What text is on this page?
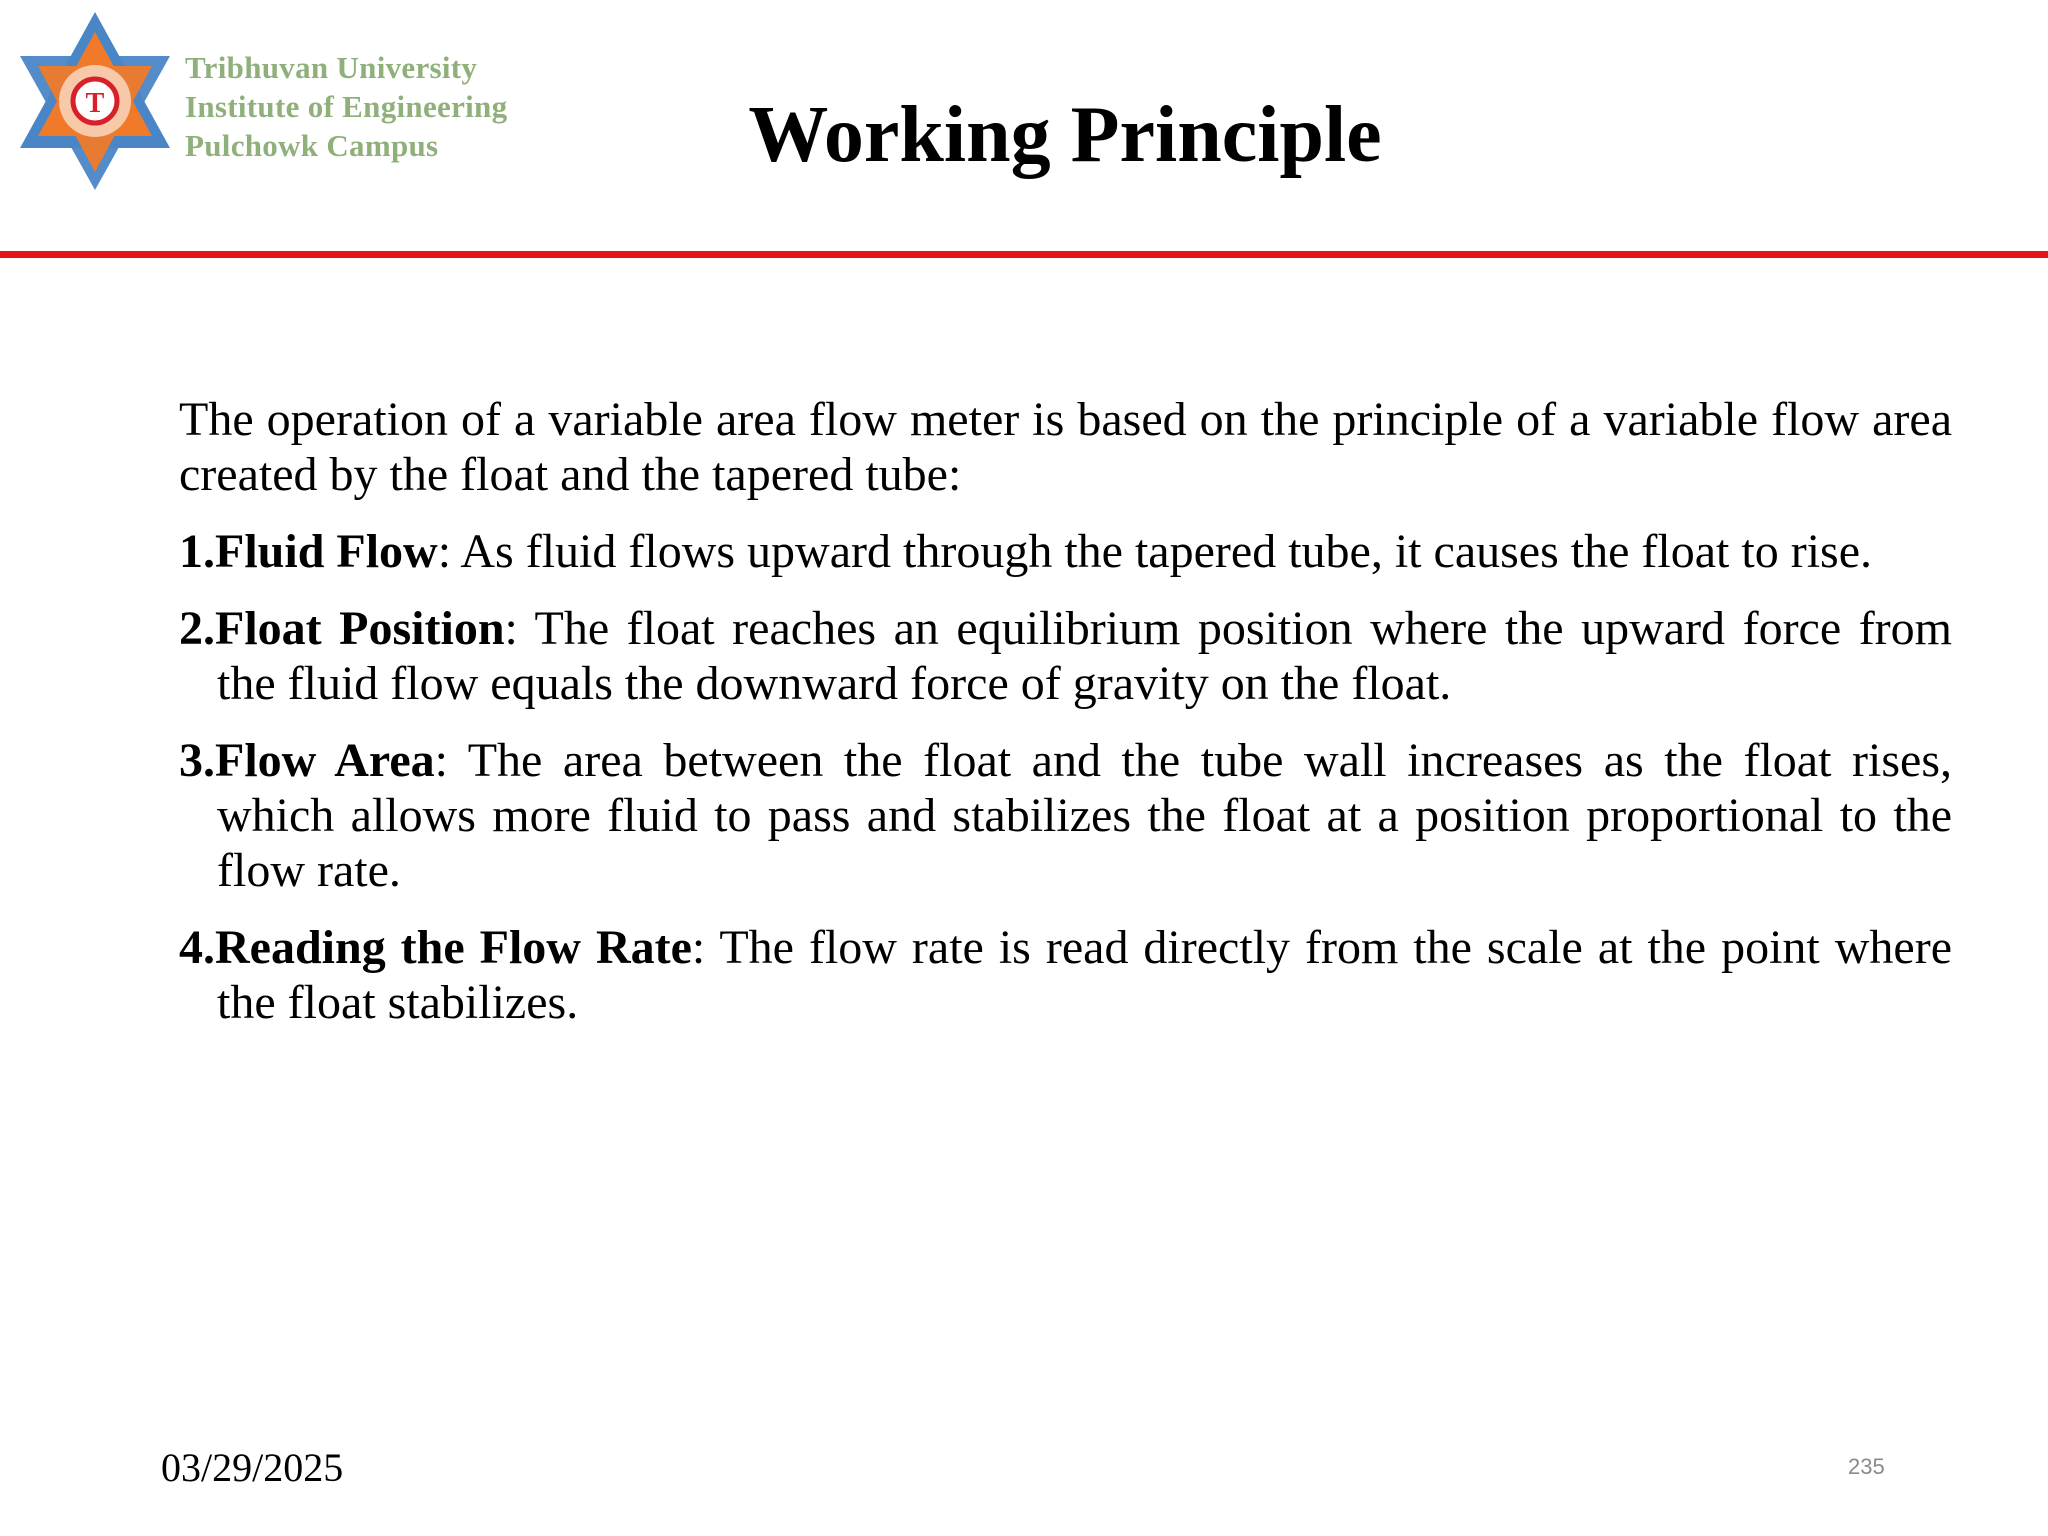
T
Tribhuvan University
Institute of Engineering
Pulchowk Campus	Working Principle

The operation of a variable area flow meter is based on the principle of a variable flow area created by the float and the tapered tube:

1.Fluid Flow: As fluid flows upward through the tapered tube, it causes the float to rise.
2.Float Position: The float reaches an equilibrium position where the upward force from the fluid flow equals the downward force of gravity on the float.
3.Flow Area: The area between the float and the tube wall increases as the float rises, which allows more fluid to pass and stabilizes the float at a position proportional to the flow rate.
4.Reading the Flow Rate: The flow rate is read directly from the scale at the point where the float stabilizes.
03/29/2025	235
